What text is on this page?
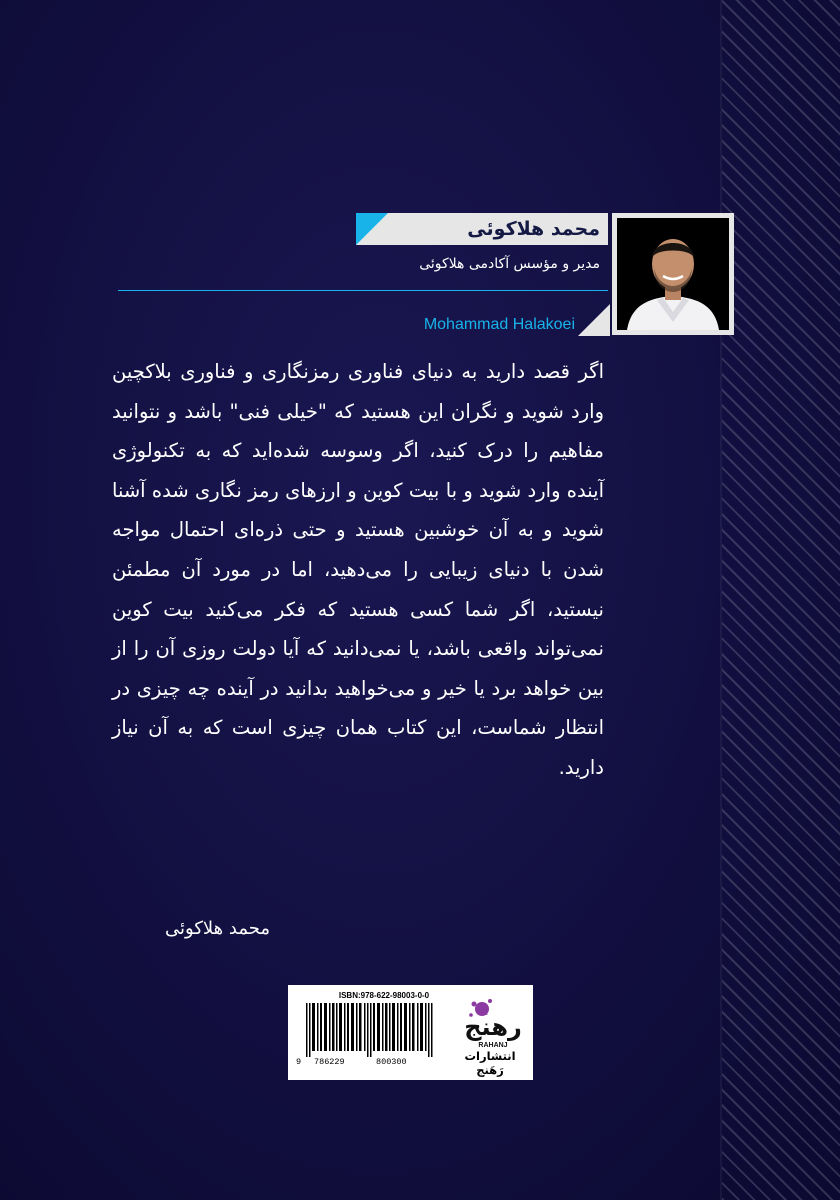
محمد هلاکوئی
مدیر و مؤسس آکادمی هلاکوئی
Mohammad Halakoei

اگر قصد دارید به دنیای فناوری رمزنگاری و فناوری بلاکچین وارد شوید و نگران این هستید که "خیلی فنی" باشد و نتوانید مفاهیم را درک کنید، اگر وسوسه شده‌اید که به تکنولوژی آینده وارد شوید و با بیت کوین و ارزهای رمز نگاری شده آشنا شوید و به آن خوشبین هستید و حتی ذره‌ای احتمال مواجه شدن با دنیای زیبایی را می‌دهید، اما در مورد آن مطمئن نیستید، اگر شما کسی هستید که فکر می‌کنید بیت کوین نمی‌تواند واقعی باشد، یا نمی‌دانید که آیا دولت روزی آن را از بین خواهد برد یا خیر و می‌خواهید بدانید در آینده چه چیزی در انتظار شماست، این کتاب همان چیزی است که به آن نیاز دارید.

محمد هلاکوئی
ISBN:978-622-98003-0-0
9 786229	800300
رهنج
RAHANJ
انتشارات رَهَنج
